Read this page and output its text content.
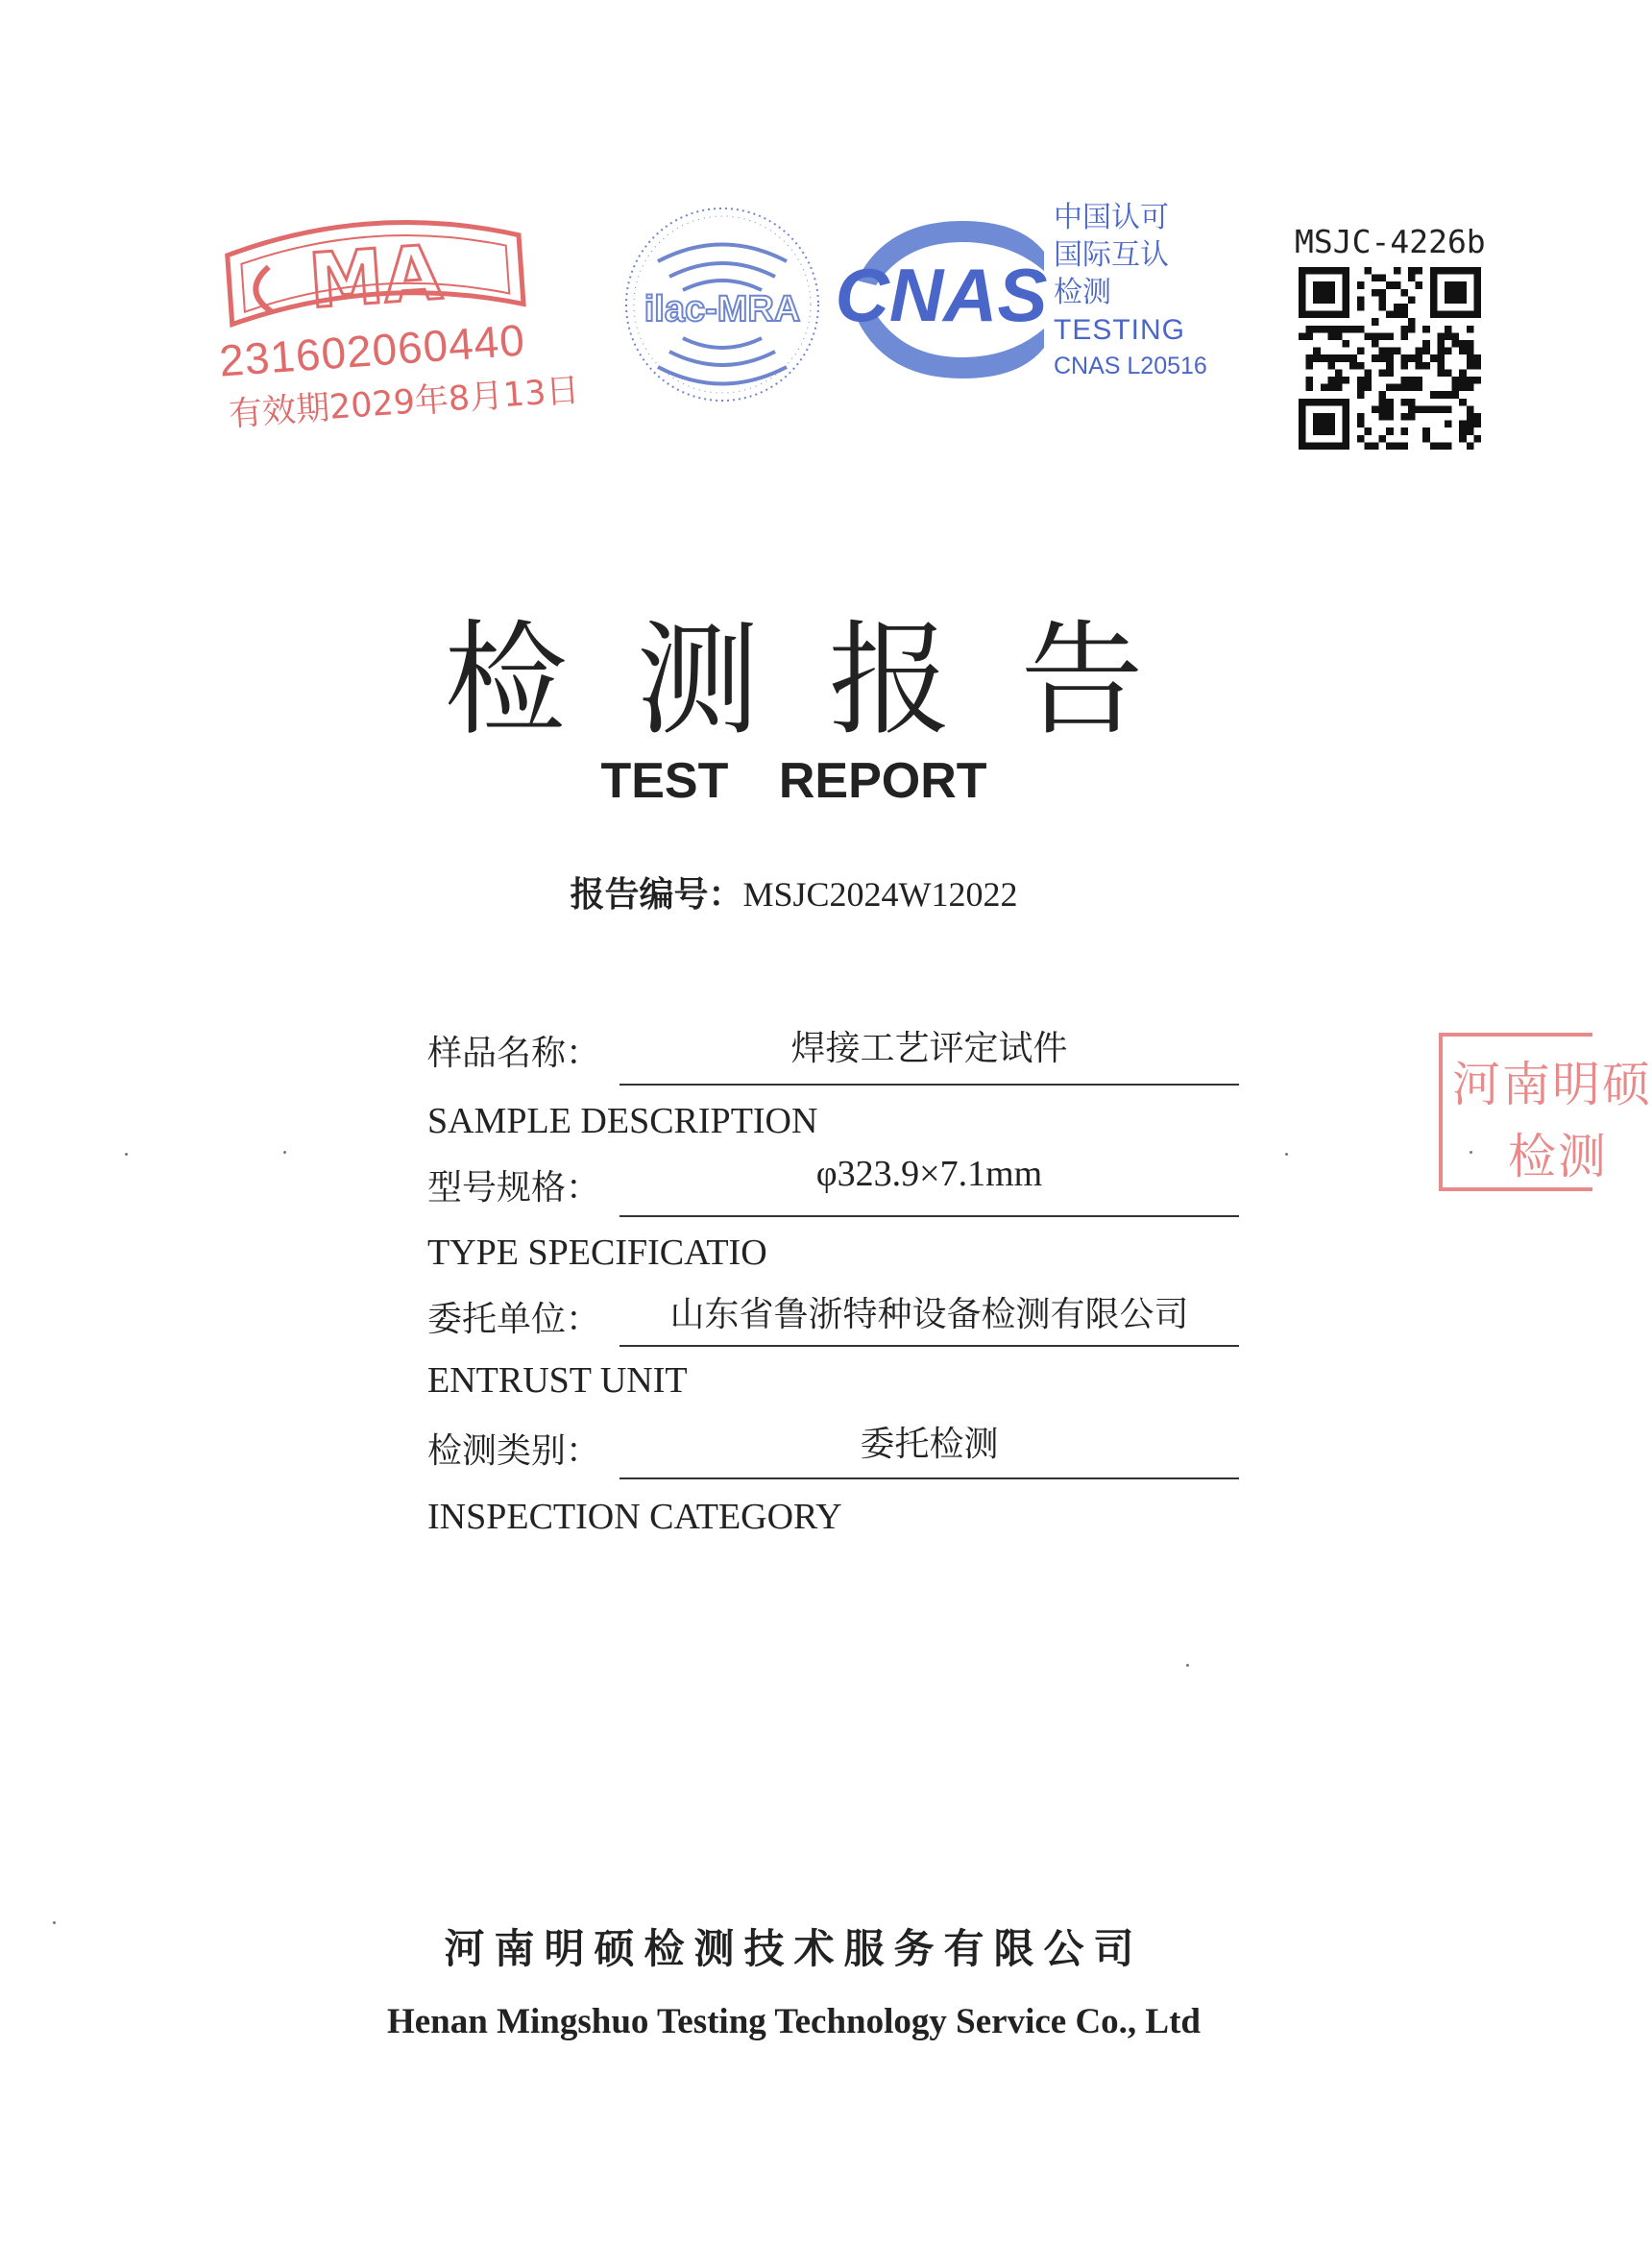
MA
231602060440
有效期2029年8月13日
ilac-MRA CNAS
中国认可
国际互认
检测
TESTING
CNAS L20516
MSJC-4226b
检测报告
TEST REPORT
报告编号：MSJC2024W12022
样品名称：	焊接工艺评定试件
SAMPLE DESCRIPTION
型号规格：	φ323.9×7.1mm
TYPE SPECIFICATIO
委托单位：	山东省鲁浙特种设备检测有限公司
ENTRUST UNIT
检测类别：	委托检测
INSPECTION CATEGORY
河南明硕
检测
河南明硕检测技术服务有限公司
Henan Mingshuo Testing Technology Service Co., Ltd
